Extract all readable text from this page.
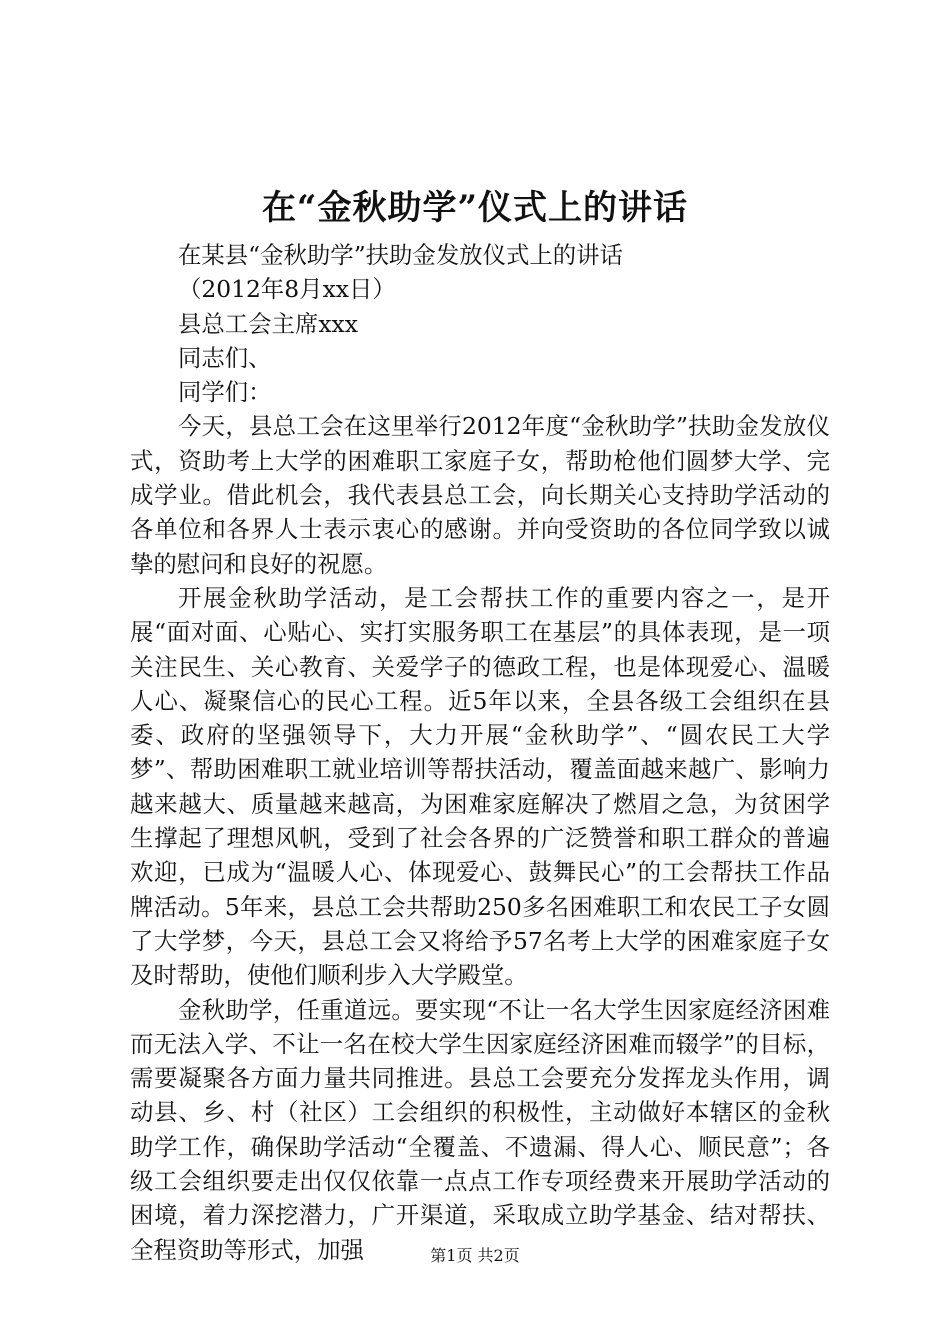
在“金秋助学”仪式上的讲话

在某县“金秋助学”扶助金发放仪式上的讲话

（2012年8月xx日）

县总工会主席xxx

同志们、

同学们：

今天，县总工会在这里举行2012年度“金秋助学”扶助金发放仪式，资助考上大学的困难职工家庭子女，帮助枪他们圆梦大学、完成学业。借此机会，我代表县总工会，向长期关心支持助学活动的各单位和各界人士表示衷心的感谢。并向受资助的各位同学致以诚挚的慰问和良好的祝愿。

开展金秋助学活动，是工会帮扶工作的重要内容之一，是开展“面对面、心贴心、实打实服务职工在基层”的具体表现，是一项关注民生、关心教育、关爱学子的德政工程，也是体现爱心、温暖人心、凝聚信心的民心工程。近5年以来，全县各级工会组织在县委、政府的坚强领导下，大力开展“金秋助学”、“圆农民工大学梦”、帮助困难职工就业培训等帮扶活动，覆盖面越来越广、影响力越来越大、质量越来越高，为困难家庭解决了燃眉之急，为贫困学生撑起了理想风帆，受到了社会各界的广泛赞誉和职工群众的普遍欢迎，已成为“温暖人心、体现爱心、鼓舞民心”的工会帮扶工作品牌活动。5年来，县总工会共帮助250多名困难职工和农民工子女圆了大学梦，今天，县总工会又将给予57名考上大学的困难家庭子女及时帮助，使他们顺利步入大学殿堂。

金秋助学，任重道远。要实现“不让一名大学生因家庭经济困难而无法入学、不让一名在校大学生因家庭经济困难而辍学”的目标，需要凝聚各方面力量共同推进。县总工会要充分发挥龙头作用，调动县、乡、村（社区）工会组织的积极性，主动做好本辖区的金秋助学工作，确保助学活动“全覆盖、不遗漏、得人心、顺民意”；各级工会组织要走出仅仅依靠一点点工作专项经费来开展助学活动的困境，着力深挖潜力，广开渠道，采取成立助学基金、结对帮扶、全程资助等形式，加强	第1页 共2页
